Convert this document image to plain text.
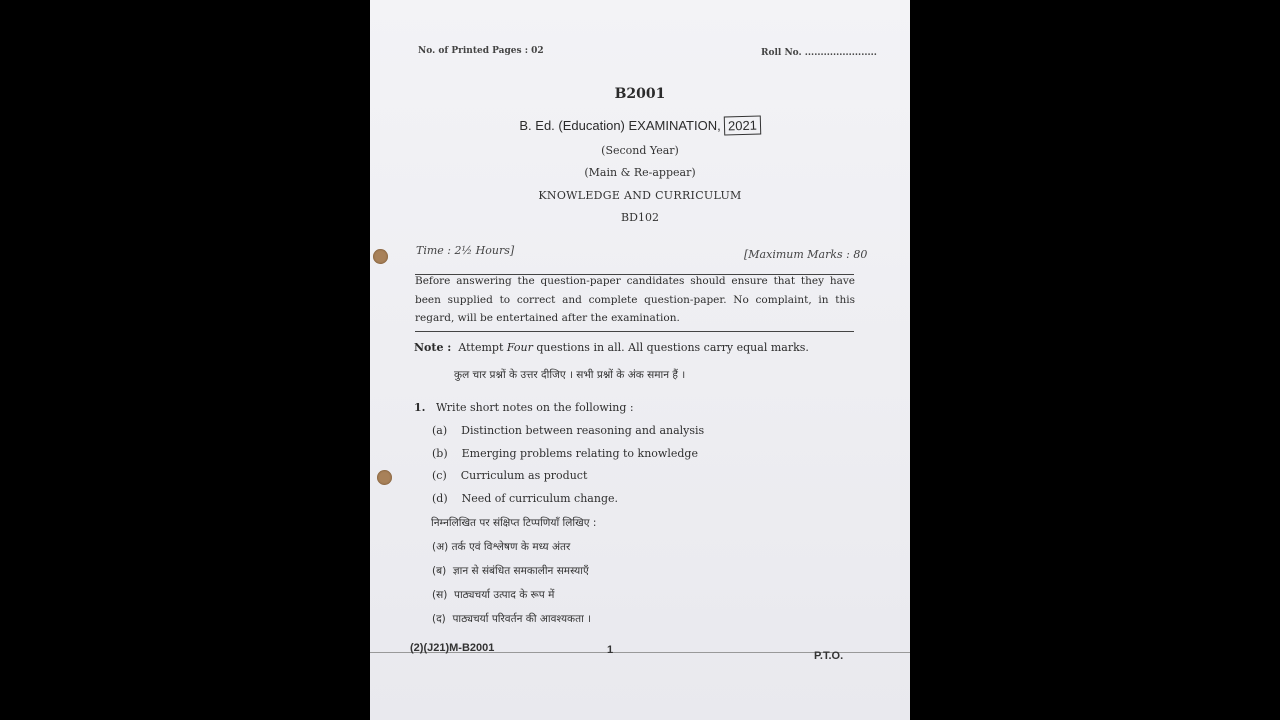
No. of Printed Pages : 02	Roll No. .......................
B2001
B. Ed. (Education) EXAMINATION, 2021
(Second Year)
(Main & Re-appear)
KNOWLEDGE AND CURRICULUM
BD102
Time : 2½ Hours]	[Maximum Marks : 80
Before answering the question-paper candidates should ensure that they have been supplied to correct and complete question-paper. No complaint, in this regard, will be entertained after the examination.
Note : Attempt Four questions in all. All questions carry equal marks.
कुल चार प्रश्नों के उत्तर दीजिए । सभी प्रश्नों के अंक समान हैं ।
1. Write short notes on the following :
(a) Distinction between reasoning and analysis
(b) Emerging problems relating to knowledge
(c) Curriculum as product
(d) Need of curriculum change.
निम्नलिखित पर संक्षिप्त टिप्पणियाँ लिखिए :
(अ) तर्क एवं विश्लेषण के मध्य अंतर
(ब) ज्ञान से संबंधित समकालीन समस्याएँ
(स) पाठ्यचर्या उत्पाद के रूप में
(द) पाठ्यचर्या परिवर्तन की आवश्यकता ।
(2)(J21)M-B2001	1	P.T.O.
